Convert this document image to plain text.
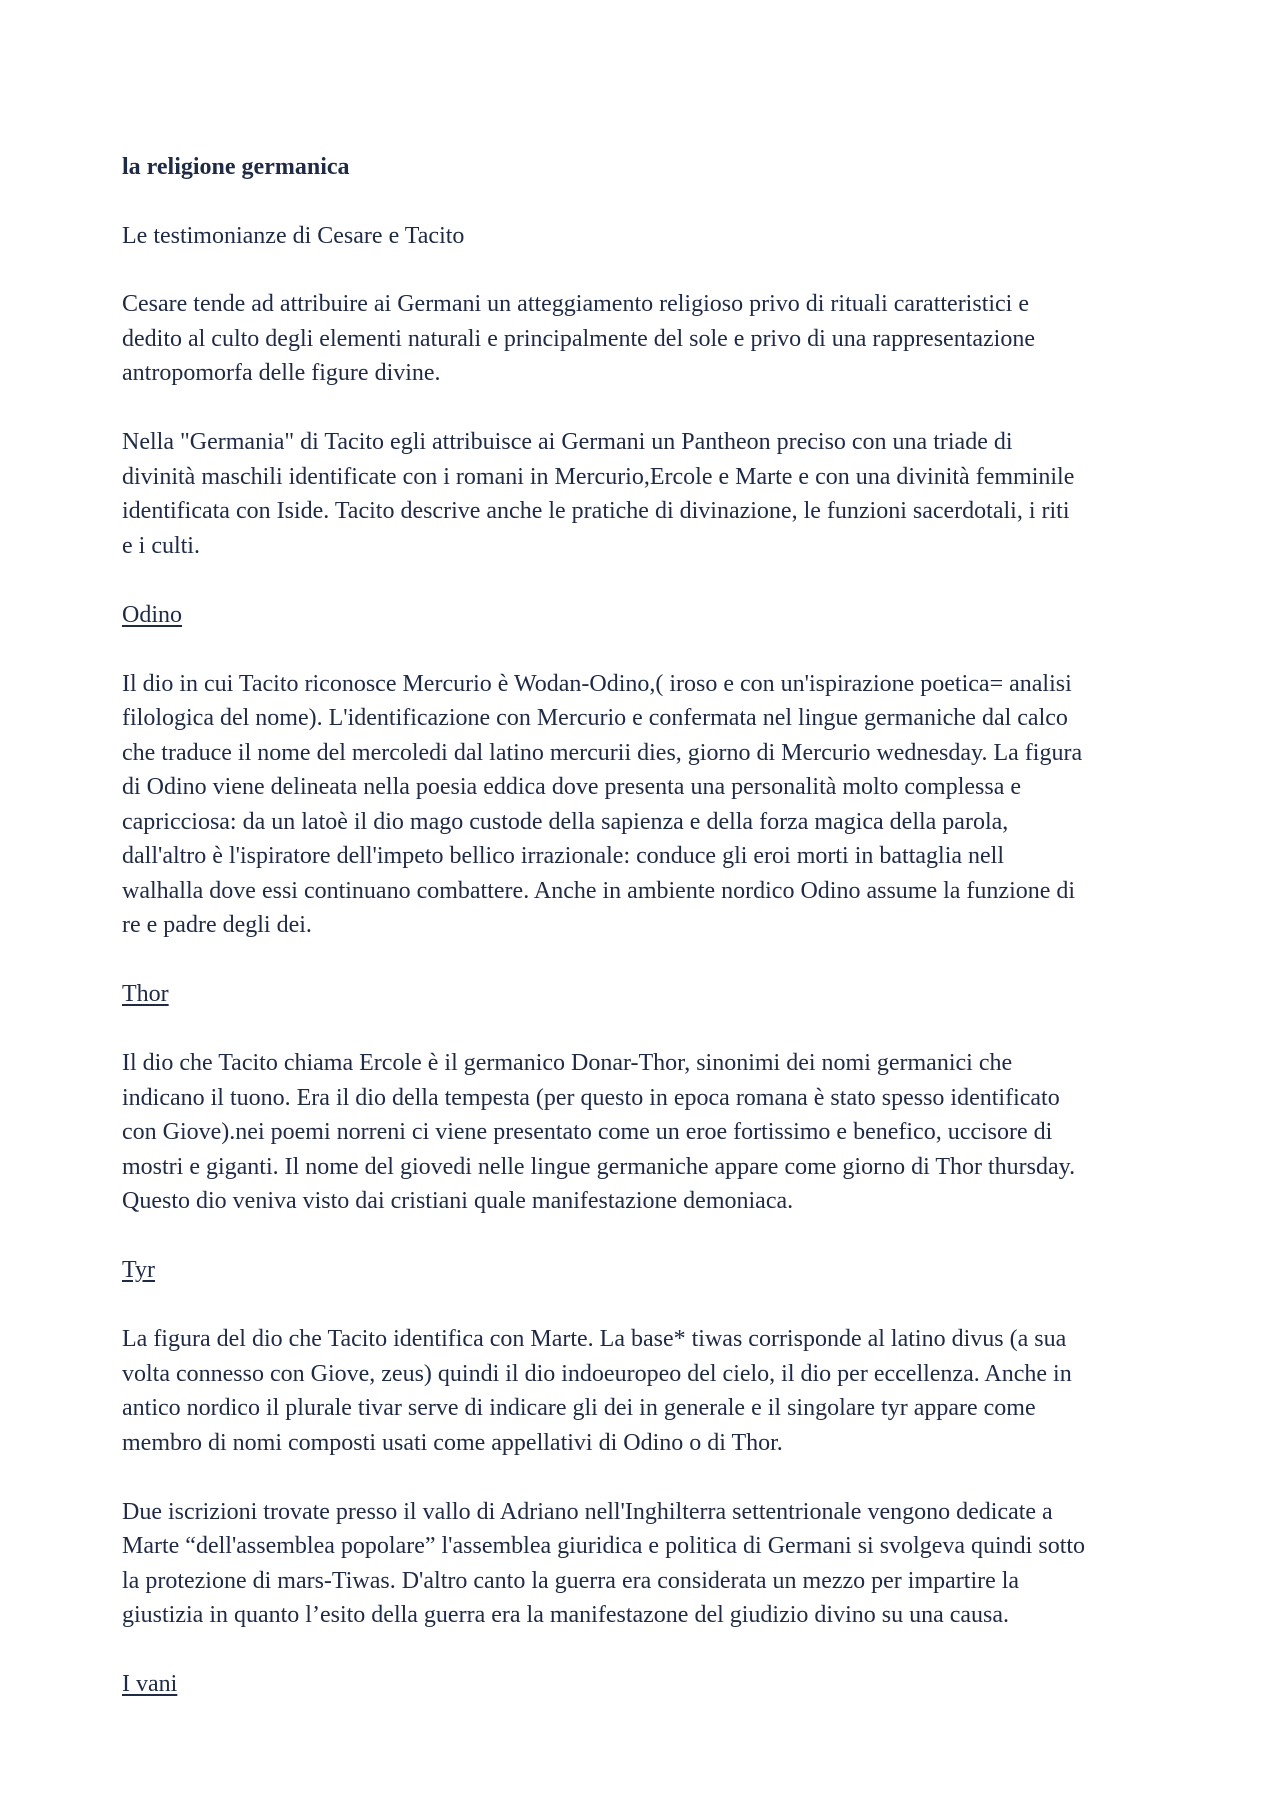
la religione germanica
Le testimonianze di Cesare e Tacito

Cesare tende ad attribuire ai Germani un atteggiamento religioso privo di rituali caratteristici e
dedito al culto degli elementi naturali e principalmente del sole e privo di una rappresentazione
antropomorfa delle figure divine.

Nella "Germania" di Tacito egli attribuisce ai Germani un Pantheon preciso con una triade di
divinità maschili identificate con i romani in Mercurio,Ercole e Marte e con una divinità femminile
identificata con Iside. Tacito descrive anche le pratiche di divinazione, le funzioni sacerdotali, i riti
e i culti.

Odino

Il dio in cui Tacito riconosce Mercurio è Wodan-Odino,( iroso e con un'ispirazione poetica= analisi
filologica del nome). L'identificazione con Mercurio e confermata nel lingue germaniche dal calco
che traduce il nome del mercoledi dal latino mercurii dies, giorno di Mercurio wednesday. La figura
di Odino viene delineata nella poesia eddica dove presenta una personalità molto complessa e
capricciosa: da un latoè il dio mago custode della sapienza e della forza magica della parola,
dall'altro è l'ispiratore dell'impeto bellico irrazionale: conduce gli eroi morti in battaglia nell
walhalla dove essi continuano combattere. Anche in ambiente nordico Odino assume la funzione di
re e padre degli dei.

Thor

Il dio che Tacito chiama Ercole è il germanico Donar-Thor, sinonimi dei nomi germanici che
indicano il tuono. Era il dio della tempesta (per questo in epoca romana è stato spesso identificato
con Giove).nei poemi norreni ci viene presentato come un eroe fortissimo e benefico, uccisore di
mostri e giganti. Il nome del giovedi nelle lingue germaniche appare come giorno di Thor thursday.
Questo dio veniva visto dai cristiani quale manifestazione demoniaca.

Tyr

La figura del dio che Tacito identifica con Marte. La base* tiwas corrisponde al latino divus (a sua
volta connesso con Giove, zeus) quindi il dio indoeuropeo del cielo, il dio per eccellenza. Anche in
antico nordico il plurale tivar serve di indicare gli dei in generale e il singolare tyr appare come
membro di nomi composti usati come appellativi di Odino o di Thor.

Due iscrizioni trovate presso il vallo di Adriano nell'Inghilterra settentrionale vengono dedicate a
Marte “dell'assemblea popolare” l'assemblea giuridica e politica di Germani si svolgeva quindi sotto
la protezione di mars-Tiwas. D'altro canto la guerra era considerata un mezzo per impartire la
giustizia in quanto l’esito della guerra era la manifestazone del giudizio divino su una causa.

I vani
